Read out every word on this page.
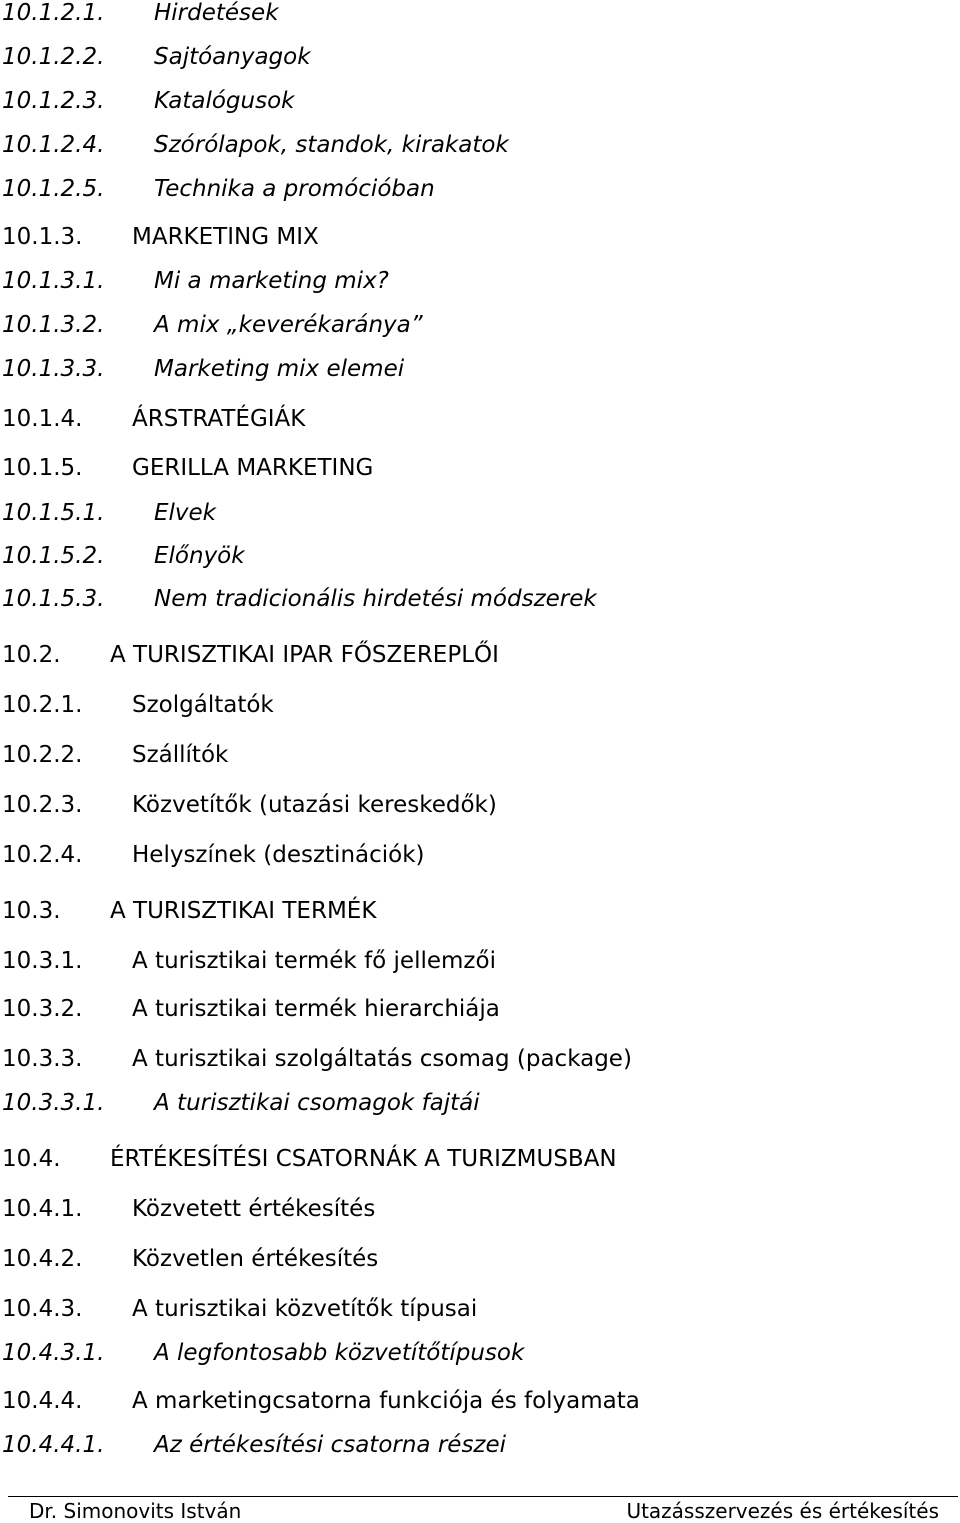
10.1.2.1. Hirdetések
10.1.2.2. Sajtóanyagok
10.1.2.3. Katalógusok
10.1.2.4. Szórólapok, standok, kirakatok
10.1.2.5. Technika a promócióban
10.1.3. MARKETING MIX
10.1.3.1. Mi a marketing mix?
10.1.3.2. A mix „keverékaránya”
10.1.3.3. Marketing mix elemei
10.1.4. ÁRSTRATÉGIÁK
10.1.5. GERILLA MARKETING
10.1.5.1. Elvek
10.1.5.2. Előnyök
10.1.5.3. Nem tradicionális hirdetési módszerek
10.2. A TURISZTIKAI IPAR FŐSZEREPLŐI
10.2.1. Szolgáltatók
10.2.2. Szállítók
10.2.3. Közvetítők (utazási kereskedők)
10.2.4. Helyszínek (desztinációk)
10.3. A TURISZTIKAI TERMÉK
10.3.1. A turisztikai termék fő jellemzői
10.3.2. A turisztikai termék hierarchiája
10.3.3. A turisztikai szolgáltatás csomag (package)
10.3.3.1. A turisztikai csomagok fajtái
10.4. ÉRTÉKESÍTÉSI CSATORNÁK A TURIZMUSBAN
10.4.1. Közvetett értékesítés
10.4.2. Közvetlen értékesítés
10.4.3. A turisztikai közvetítők típusai
10.4.3.1. A legfontosabb közvetítőtípusok
10.4.4. A marketingcsatorna funkciója és folyamata
10.4.4.1. Az értékesítési csatorna részei
Dr. Simonovits István	Utazásszervezés és értékesítés
